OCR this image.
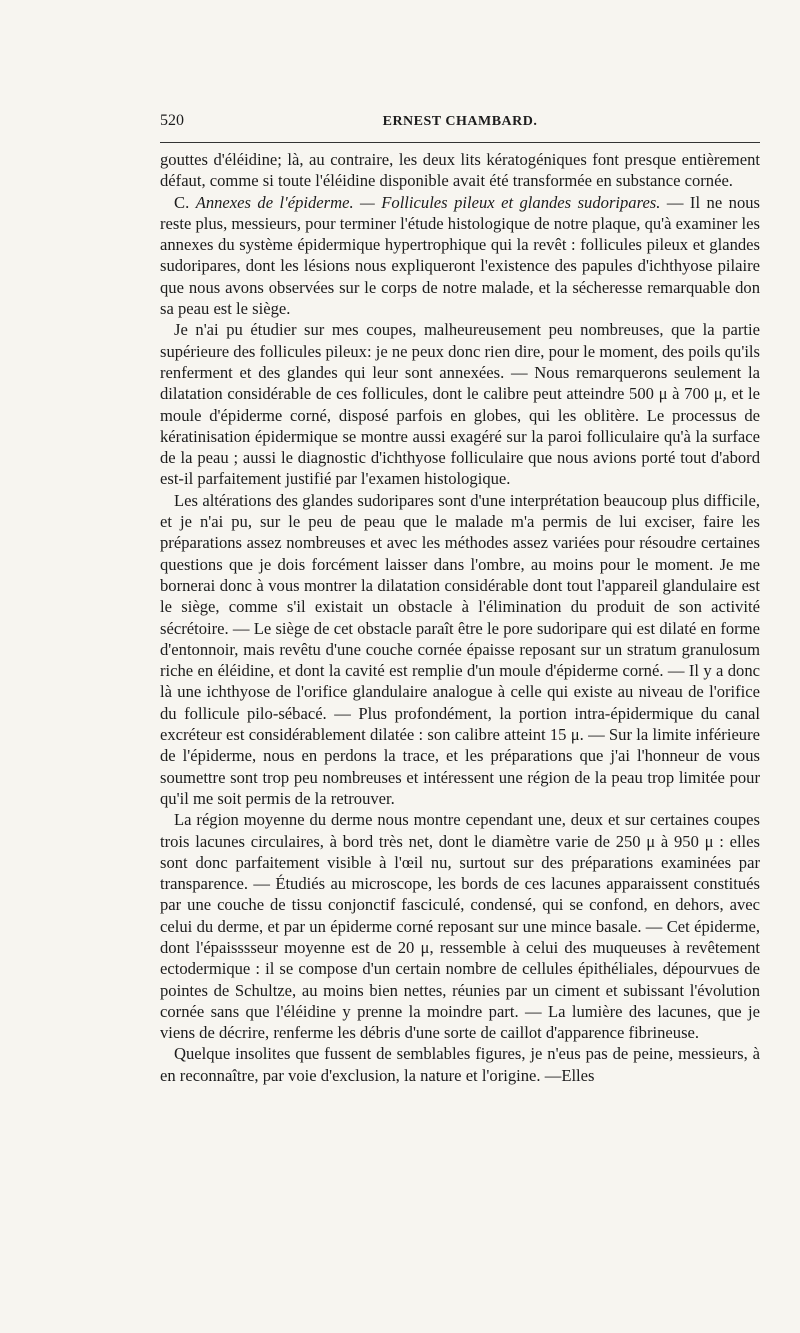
520	ERNEST CHAMBARD.

gouttes d'éléidine; là, au contraire, les deux lits kératogéniques font presque entièrement défaut, comme si toute l'éléidine disponible avait été transformée en substance cornée.

C. Annexes de l'épiderme. — Follicules pileux et glandes sudoripares. — Il ne nous reste plus, messieurs, pour terminer l'étude histologique de notre plaque, qu'à examiner les annexes du système épidermique hypertrophique qui la revêt : follicules pileux et glandes sudoripares, dont les lésions nous expliqueront l'existence des papules d'ichthyose pilaire que nous avons observées sur le corps de notre malade, et la sécheresse remarquable don sa peau est le siège.

Je n'ai pu étudier sur mes coupes, malheureusement peu nombreuses, que la partie supérieure des follicules pileux: je ne peux donc rien dire, pour le moment, des poils qu'ils renferment et des glandes qui leur sont annexées. — Nous remarquerons seulement la dilatation considérable de ces follicules, dont le calibre peut atteindre 500 μ à 700 μ, et le moule d'épiderme corné, disposé parfois en globes, qui les oblitère. Le processus de kératinisation épidermique se montre aussi exagéré sur la paroi folliculaire qu'à la surface de la peau ; aussi le diagnostic d'ichthyose folliculaire que nous avions porté tout d'abord est-il parfaitement justifié par l'examen histologique.

Les altérations des glandes sudoripares sont d'une interprétation beaucoup plus difficile, et je n'ai pu, sur le peu de peau que le malade m'a permis de lui exciser, faire les préparations assez nombreuses et avec les méthodes assez variées pour résoudre certaines questions que je dois forcément laisser dans l'ombre, au moins pour le moment. Je me bornerai donc à vous montrer la dilatation considérable dont tout l'appareil glandulaire est le siège, comme s'il existait un obstacle à l'élimination du produit de son activité sécrétoire. — Le siège de cet obstacle paraît être le pore sudoripare qui est dilaté en forme d'entonnoir, mais revêtu d'une couche cornée épaisse reposant sur un stratum granulosum riche en éléidine, et dont la cavité est remplie d'un moule d'épiderme corné. — Il y a donc là une ichthyose de l'orifice glandulaire analogue à celle qui existe au niveau de l'orifice du follicule pilo-sébacé. — Plus profondément, la portion intra-épidermique du canal excréteur est considérablement dilatée : son calibre atteint 15 μ. — Sur la limite inférieure de l'épiderme, nous en perdons la trace, et les préparations que j'ai l'honneur de vous soumettre sont trop peu nombreuses et intéressent une région de la peau trop limitée pour qu'il me soit permis de la retrouver.

La région moyenne du derme nous montre cependant une, deux et sur certaines coupes trois lacunes circulaires, à bord très net, dont le diamètre varie de 250 μ à 950 μ : elles sont donc parfaitement visible à l'œil nu, surtout sur des préparations examinées par transparence. — Étudiés au microscope, les bords de ces lacunes apparaissent constitués par une couche de tissu conjonctif fasciculé, condensé, qui se confond, en dehors, avec celui du derme, et par un épiderme corné reposant sur une mince basale. — Cet épiderme, dont l'épaisssseur moyenne est de 20 μ, ressemble à celui des muqueuses à revêtement ectodermique : il se compose d'un certain nombre de cellules épithéliales, dépourvues de pointes de Schultze, au moins bien nettes, réunies par un ciment et subissant l'évolution cornée sans que l'éléidine y prenne la moindre part. — La lumière des lacunes, que je viens de décrire, renferme les débris d'une sorte de caillot d'apparence fibrineuse.

Quelque insolites que fussent de semblables figures, je n'eus pas de peine, messieurs, à en reconnaître, par voie d'exclusion, la nature et l'origine. —Elles
